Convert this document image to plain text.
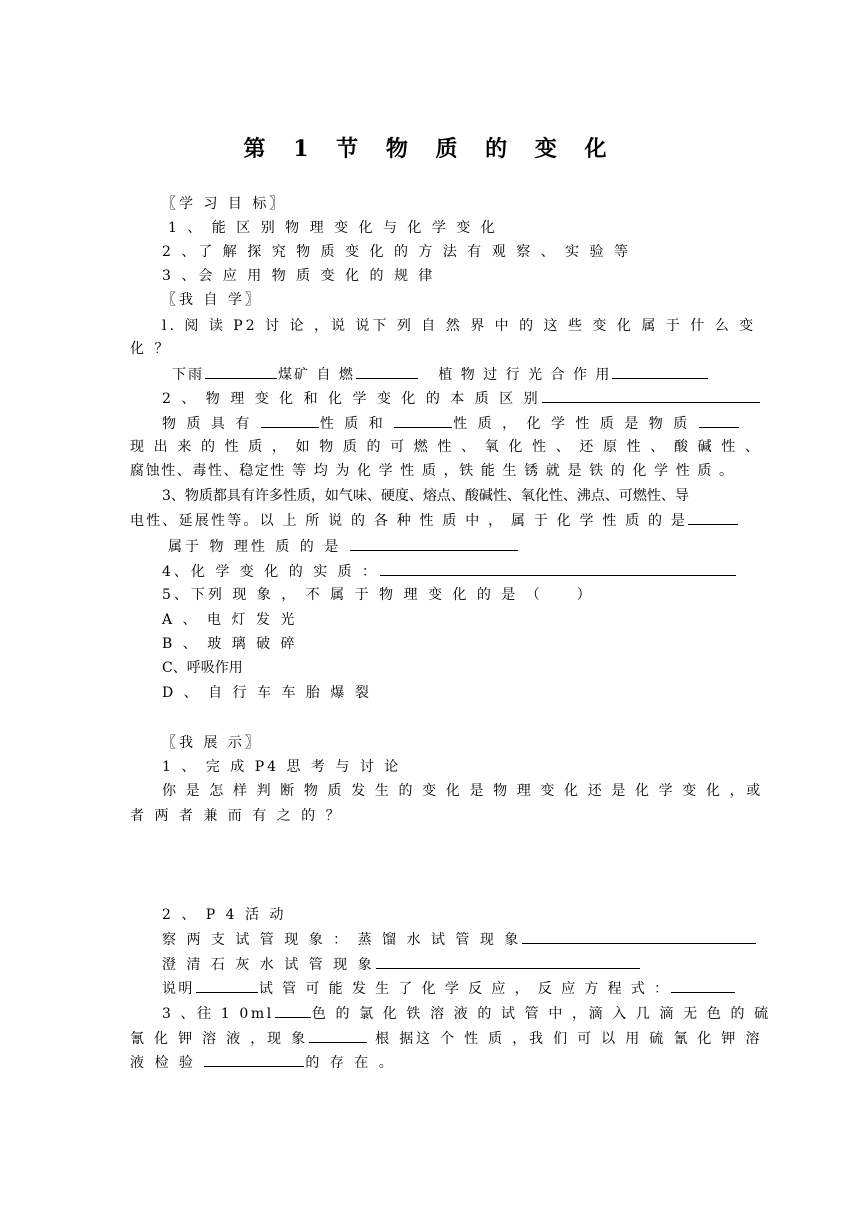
第 1 节 物 质 的 变 化
〖学 习 目 标〗
1 、 能 区 别 物 理 变 化 与 化 学 变 化
2 、了 解 探 究 物 质 变 化 的 方 法 有 观 察 、 实 验 等
3 、会 应 用 物 质 变 化 的 规 律
〖我 自 学〗
l. 阅 读 P2 讨 论 ，说 说下 列 自 然 界 中 的 这 些 变 化 属 于 什 么 变
化 ？
下雨	煤矿 自 燃	植 物 过 行 光 合 作 用
2 、 物 理 变 化 和 化 学 变 化 的 本 质 区 别
物 质 具 有	性 质 和	性 质 ， 化 学 性 质 是 物 质
现 出 来 的 性 质 ， 如 物 质 的 可 燃 性 、 氧 化 性 、 还 原 性 、 酸 碱 性 、
腐蚀性、毒性、稳定性 等 均 为 化 学 性 质 ，铁 能 生 锈 就 是 铁 的 化 学 性 质 。
3、物质都具有许多性质，如气味、硬度、熔点、酸碱性、氧化性、沸点、可燃性、导
电性、延展性等。以 上 所 说 的 各 种 性 质 中 ， 属 于 化 学 性 质 的 是
属于 物 理性 质 的 是
4、化 学 变 化 的 实 质 ：
5、下列 现 象 ， 不 属 于 物 理 变 化 的 是 （　　）
A 、 电 灯 发 光
B 、 玻 璃 破 碎
C、呼吸作用
D 、 自 行 车 车 胎 爆 裂
〖我 展 示〗
1 、 完 成 P4 思 考 与 讨 论
你 是 怎 样 判 断 物 质 发 生 的 变 化 是 物 理 变 化 还 是 化 学 变 化 ，或
者 两 者 兼 而 有 之 的 ？
2 、 P 4 活 动
察 两 支 试 管 现 象 ： 蒸 馏 水 试 管 现 象
澄 清 石 灰 水 试 管 现 象
说明	试 管 可 能 发 生 了 化 学 反 应 ， 反 应 方 程 式 ：
3 、往 1 0ml	色 的 氯 化 铁 溶 液 的 试 管 中 ，滴 入 几 滴 无 色 的 硫
氰 化 钾 溶 液 ，现 象	根 据这 个 性 质 ，我 们 可 以 用 硫 氰 化 钾 溶
液 检 验	的 存 在 。
